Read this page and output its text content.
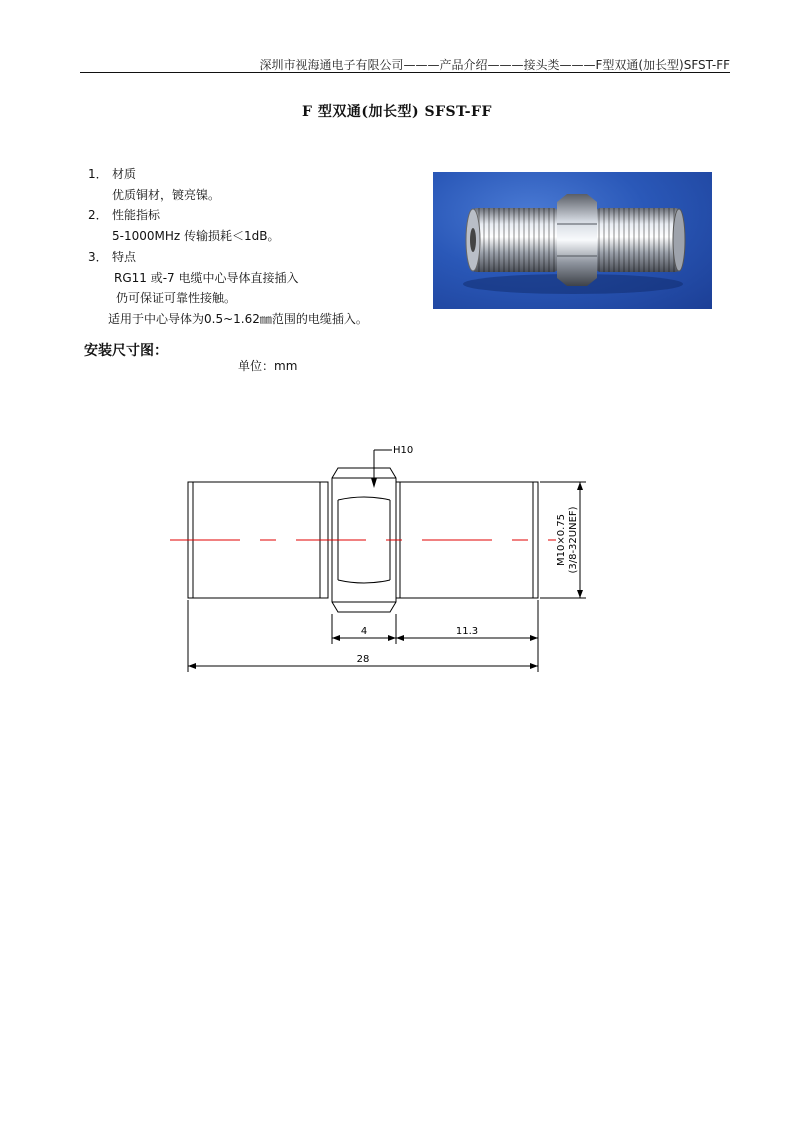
深圳市视海通电子有限公司———产品介绍———接头类———F型双通(加长型)SFST-FF
F 型双通(加长型) SFST-FF
1． 材质
优质铜材，镀亮镍。
2． 性能指标
5-1000MHz 传输损耗＜1dB。
3． 特点
RG11 或-7 电缆中心导体直接插入
仍可保证可靠性接触。
适用于中心导体为0.5~1.62㎜范围的电缆插入。
安装尺寸图：
单位：mm
H10
4	11.3
28
M10×0.75 (3/8-32UNEF)
